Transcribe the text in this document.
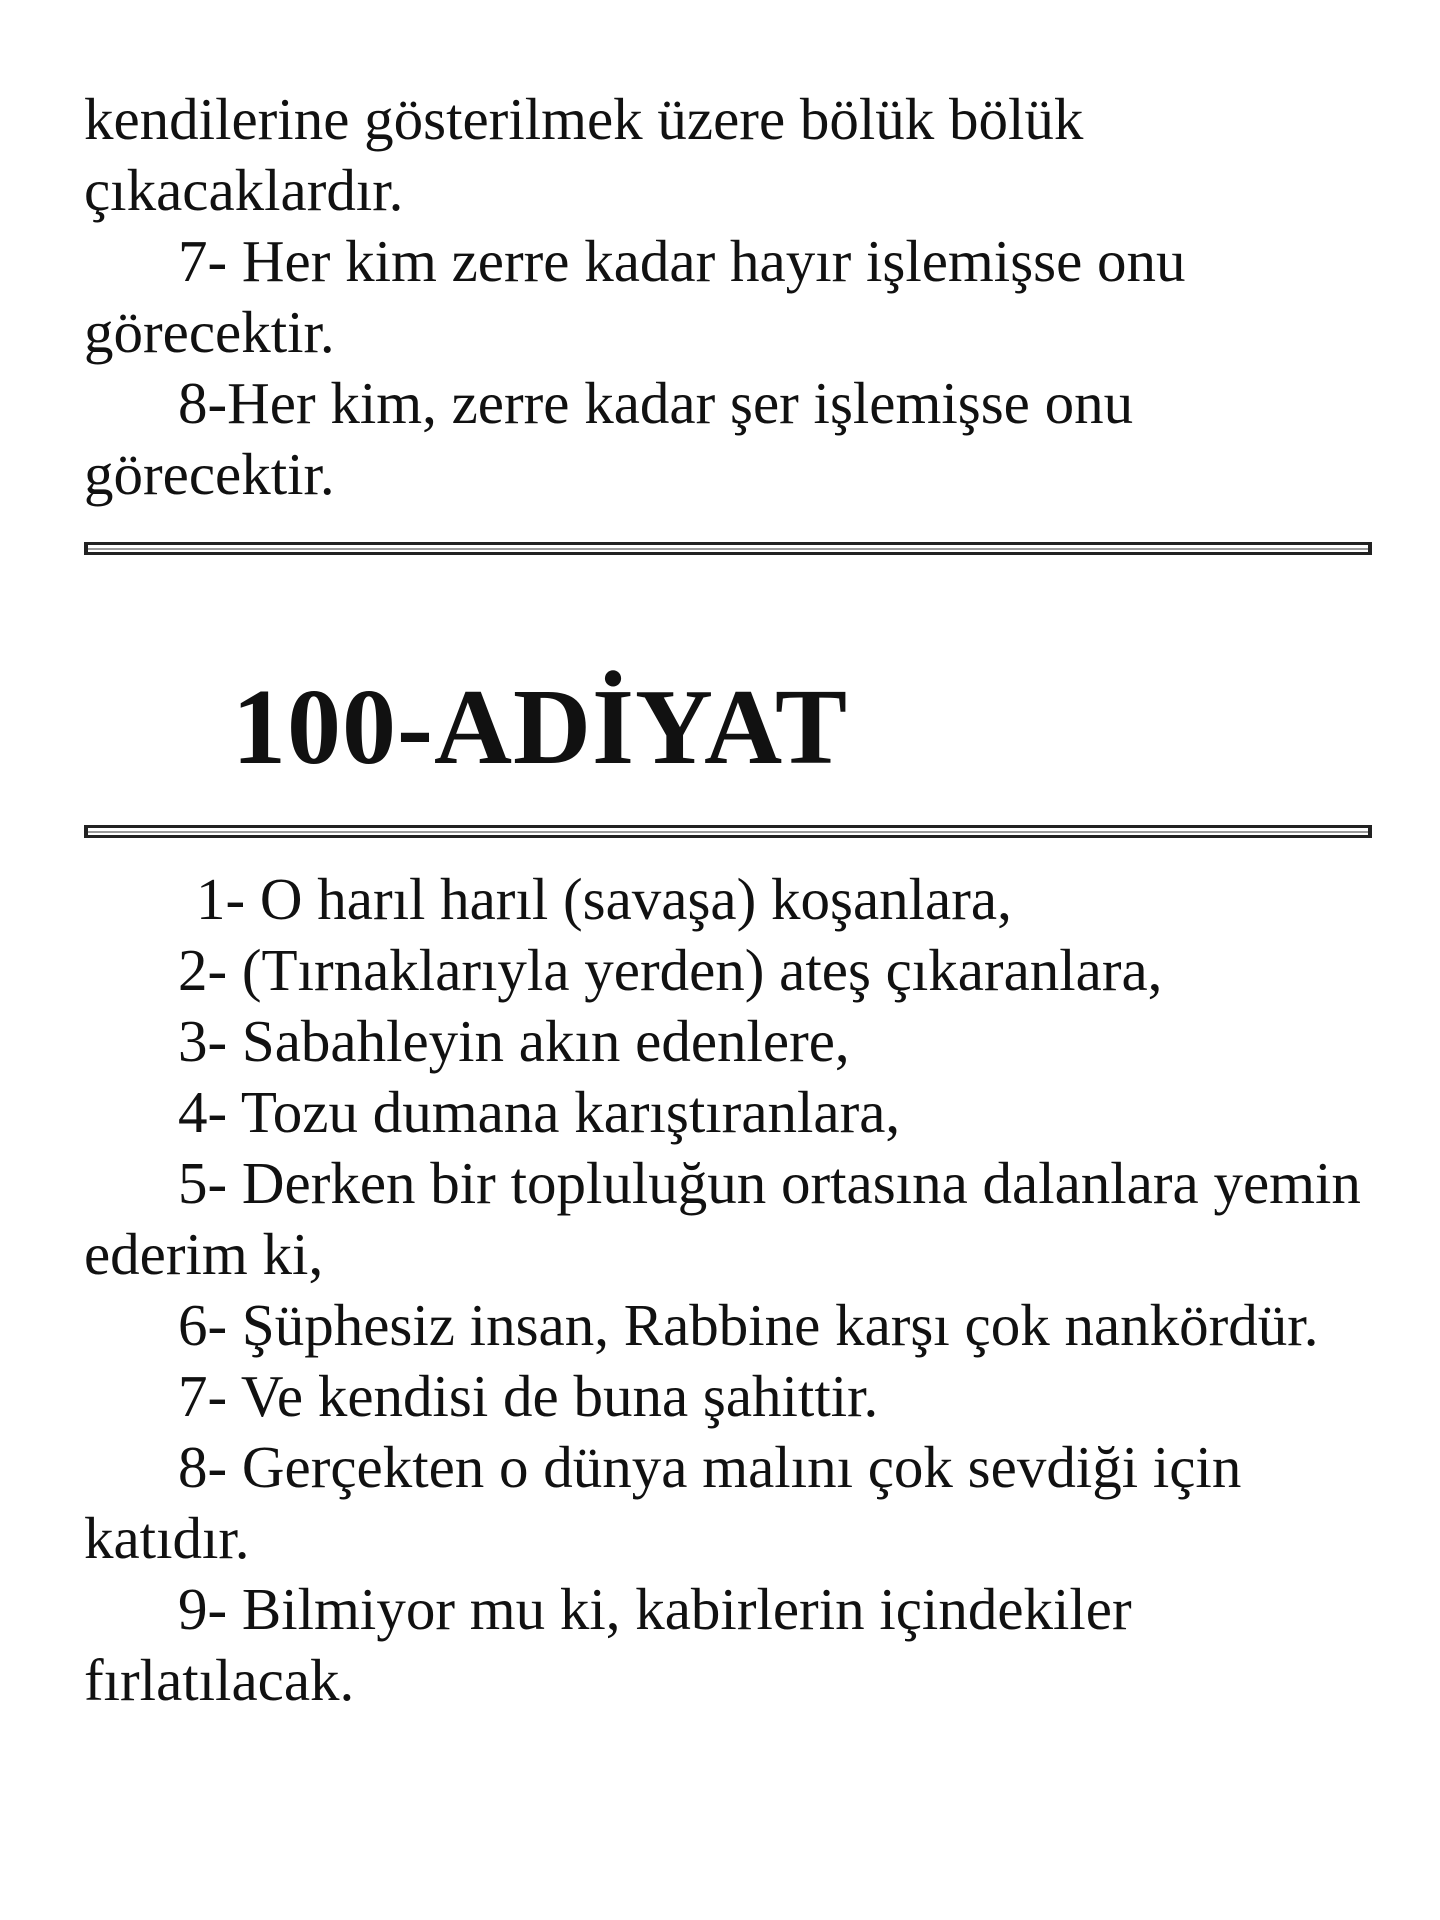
kendilerine gösterilmek üzere bölük bölük çıkacaklardır.

7- Her kim zerre kadar hayır işlemişse onu görecektir.

8-Her kim, zerre kadar şer işlemişse onu görecektir.

100-ADİYAT

1- O harıl harıl (savaşa) koşanlara,

2- (Tırnaklarıyla yerden) ateş çıkaranlara,

3- Sabahleyin akın edenlere,

4- Tozu dumana karıştıranlara,

5- Derken bir topluluğun ortasına dalanlara yemin ederim ki,

6- Şüphesiz insan, Rabbine karşı çok nankördür.

7- Ve kendisi de buna şahittir.

8- Gerçekten o dünya malını çok sevdiği için katıdır.

9- Bilmiyor mu ki, kabirlerin içindekiler fırlatılacak.
